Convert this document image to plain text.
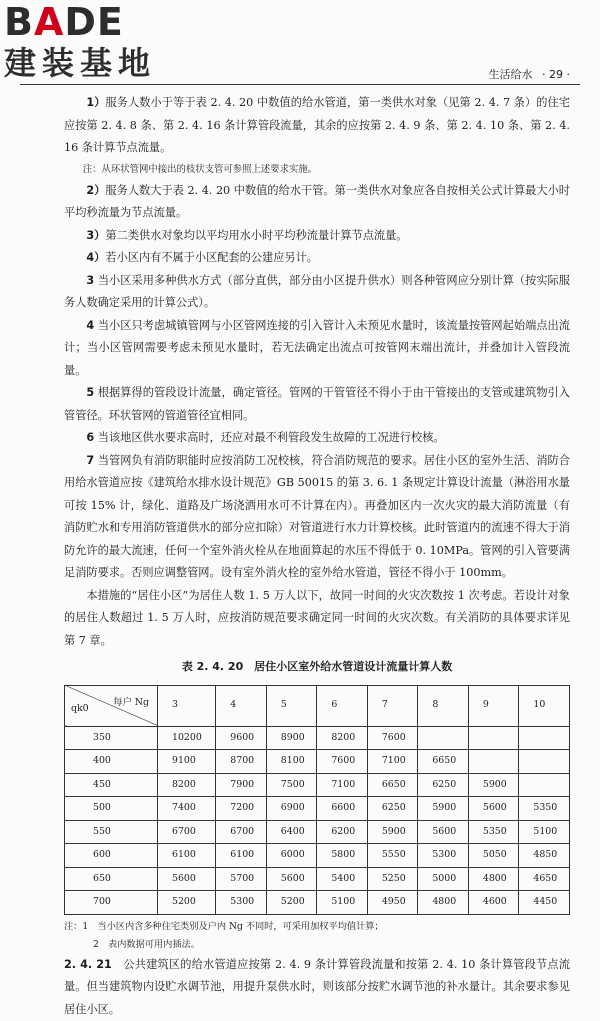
BADE
建装基地	生活给水 · 29 ·

1）服务人数小于等于表 2. 4. 20 中数值的给水管道，第一类供水对象（见第 2. 4. 7 条）的住宅应按第 2. 4. 8 条、第 2. 4. 16 条计算管段流量，其余的应按第 2. 4. 9 条、第 2. 4. 10 条、第 2. 4. 16 条计算节点流量。

注：从环状管网中接出的枝状支管可参照上述要求实施。

2）服务人数大于表 2. 4. 20 中数值的给水干管。第一类供水对象应各自按相关公式计算最大小时平均秒流量为节点流量。

3）第二类供水对象均以平均用水小时平均秒流量计算节点流量。

4）若小区内有不属于小区配套的公建应另计。

3 当小区采用多种供水方式（部分直供，部分由小区提升供水）则各种管网应分别计算（按实际服务人数确定采用的计算公式）。

4 当小区只考虑城镇管网与小区管网连接的引入管计入未预见水量时，该流量按管网起始端点出流计；当小区管网需要考虑未预见水量时，若无法确定出流点可按管网末端出流计，并叠加计入管段流量。

5 根据算得的管段设计流量，确定管径。管网的干管管径不得小于由干管接出的支管或建筑物引入管管径。环状管网的管道管径宜相同。

6 当该地区供水要求高时，还应对最不利管段发生故障的工况进行校核。

7 当管网负有消防职能时应按消防工况校核，符合消防规范的要求。居住小区的室外生活、消防合用给水管道应按《建筑给水排水设计规范》GB 50015 的第 3. 6. 1 条规定计算设计流量（淋浴用水量可按 15% 计，绿化、道路及广场浇洒用水可不计算在内）。再叠加区内一次火灾的最大消防流量（有消防贮水和专用消防管道供水的部分应扣除）对管道进行水力计算校核。此时管道内的流速不得大于消防允许的最大流速，任何一个室外消火栓从在地面算起的水压不得低于 0. 10MPa。管网的引入管要满足消防要求。否则应调整管网。设有室外消火栓的室外给水管道，管径不得小于 100mm。

本措施的“居住小区”为居住人数 1. 5 万人以下，故同一时间的火灾次数按 1 次考虑。若设计对象的居住人数超过 1. 5 万人时，应按消防规范要求确定同一时间的火灾次数。有关消防的具体要求详见第 7 章。

表 2. 4. 20　居住小区室外给水管道设计流量计算人数
每户 Ng
qk0	3	4	5	6	7	8	9	10
350	10200	9600	8900	8200	7600			
400	9100	8700	8100	7600	7100	6650		
450	8200	7900	7500	7100	6650	6250	5900	
500	7400	7200	6900	6600	6250	5900	5600	5350
550	6700	6700	6400	6200	5900	5600	5350	5100
600	6100	6100	6000	5800	5550	5300	5050	4850
650	5600	5700	5600	5400	5250	5000	4800	4650
700	5200	5300	5200	5100	4950	4800	4600	4450
注：1　当小区内含多种住宅类别及户内 Ng 不同时，可采用加权平均值计算；
2　表内数据可用内插法。

2. 4. 21　 公共建筑区的给水管道应按第 2. 4. 9 条计算管段流量和按第 2. 4. 10 条计算管段节点流量。但当建筑物内设贮水调节池，用提升泵供水时，则该部分按贮水调节池的补水量计。其余要求参见居住小区。
